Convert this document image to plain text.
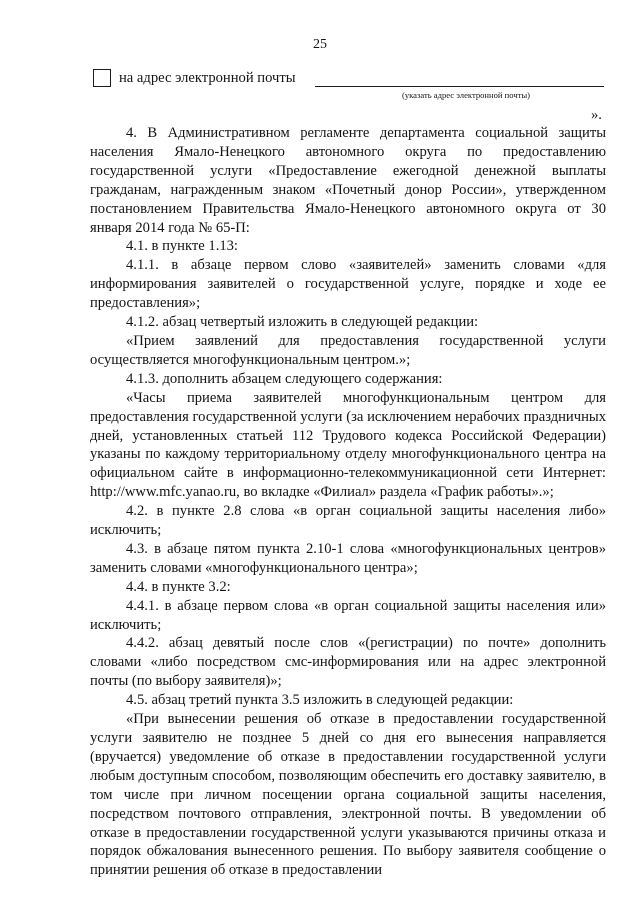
25
на адрес электронной почты
(указать адрес электронной почты)
».

4. В Административном регламенте департамента социальной защиты населения Ямало-Ненецкого автономного округа по предоставлению государственной услуги «Предоставление ежегодной денежной выплаты гражданам, награжденным знаком «Почетный донор России», утвержденном постановлением Правительства Ямало-Ненецкого автономного округа от 30 января 2014 года № 65-П:

4.1. в пункте 1.13:

4.1.1. в абзаце первом слово «заявителей» заменить словами «для информирования заявителей о государственной услуге, порядке и ходе ее предоставления»;

4.1.2. абзац четвертый изложить в следующей редакции:

«Прием заявлений для предоставления государственной услуги осуществляется многофункциональным центром.»;

4.1.3. дополнить абзацем следующего содержания:

«Часы приема заявителей многофункциональным центром для предоставления государственной услуги (за исключением нерабочих праздничных дней, установленных статьей 112 Трудового кодекса Российской Федерации) указаны по каждому территориальному отделу многофункционального центра на официальном сайте в информационно-телекоммуникационной сети Интернет: http://www.mfc.yanao.ru, во вкладке «Филиал» раздела «График работы».»;

4.2. в пункте 2.8 слова «в орган социальной защиты населения либо» исключить;

4.3. в абзаце пятом пункта 2.10-1 слова «многофункциональных центров» заменить словами «многофункционального центра»;

4.4. в пункте 3.2:

4.4.1. в абзаце первом слова «в орган социальной защиты населения или» исключить;

4.4.2. абзац девятый после слов «(регистрации) по почте» дополнить словами «либо посредством смс-информирования или на адрес электронной почты (по выбору заявителя)»;

4.5. абзац третий пункта 3.5 изложить в следующей редакции:

«При вынесении решения об отказе в предоставлении государственной услуги заявителю не позднее 5 дней со дня его вынесения направляется (вручается) уведомление об отказе в предоставлении государственной услуги любым доступным способом, позволяющим обеспечить его доставку заявителю, в том числе при личном посещении органа социальной защиты населения, посредством почтового отправления, электронной почты. В уведомлении об отказе в предоставлении государственной услуги указываются причины отказа и порядок обжалования вынесенного решения. По выбору заявителя сообщение о принятии решения об отказе в предоставлении
